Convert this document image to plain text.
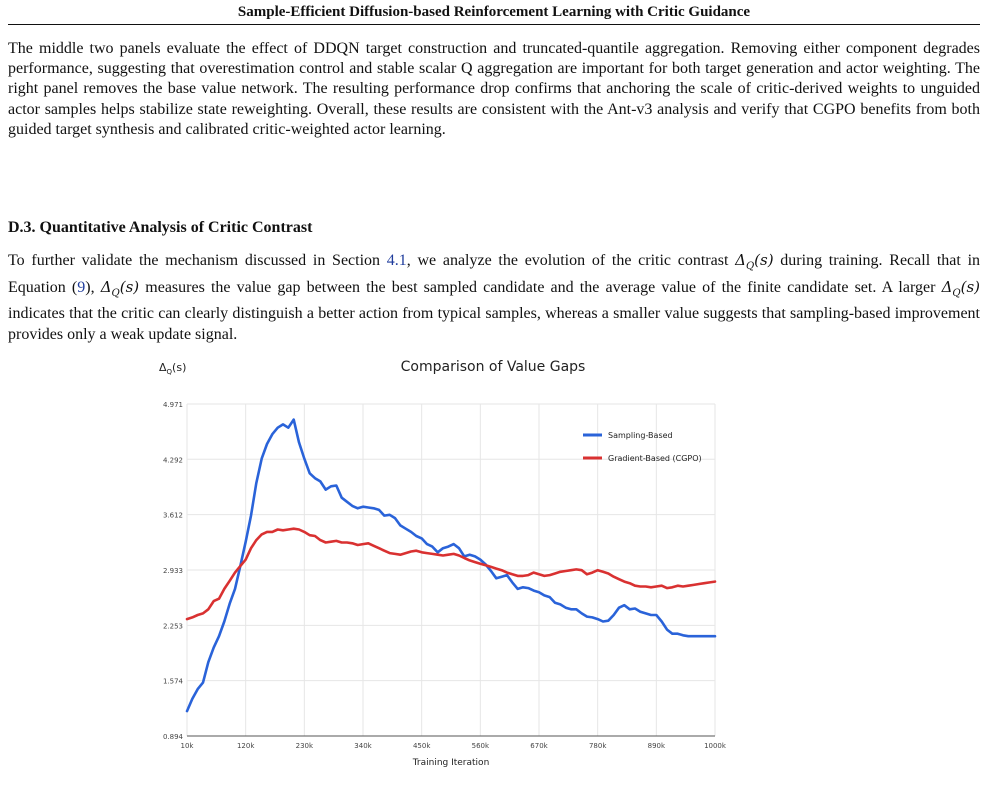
Sample-Efficient Diffusion-based Reinforcement Learning with Critic Guidance

The middle two panels evaluate the effect of DDQN target construction and truncated-quantile aggregation. Removing either component degrades performance, suggesting that overestimation control and stable scalar Q aggregation are important for both target generation and actor weighting. The right panel removes the base value network. The resulting performance drop confirms that anchoring the scale of critic-derived weights to unguided actor samples helps stabilize state reweighting. Overall, these results are consistent with the Ant-v3 analysis and verify that CGPO benefits from both guided target synthesis and calibrated critic-weighted actor learning.

D.3. Quantitative Analysis of Critic Contrast

To further validate the mechanism discussed in Section 4.1, we analyze the evolution of the critic contrast $\Delta_Q(s)$ during training. Recall that in Equation (9), $\Delta_Q(s)$ measures the value gap between the best sampled candidate and the average value of the finite candidate set. A larger $\Delta_Q(s)$ indicates that the critic can clearly distinguish a better action from typical samples, whereas a smaller value suggests that sampling-based improvement provides only a weak update signal.

0.894
1.574
2.253
2.933
3.612
4.292
4.971
10k	120k	230k	340k	450k	560k	670k	780k	890k	1000k
Sampling-Based
Gradient-Based (CGPO)
Comparison of Value Gaps
$\Delta_Q(s)$
Training Iteration
